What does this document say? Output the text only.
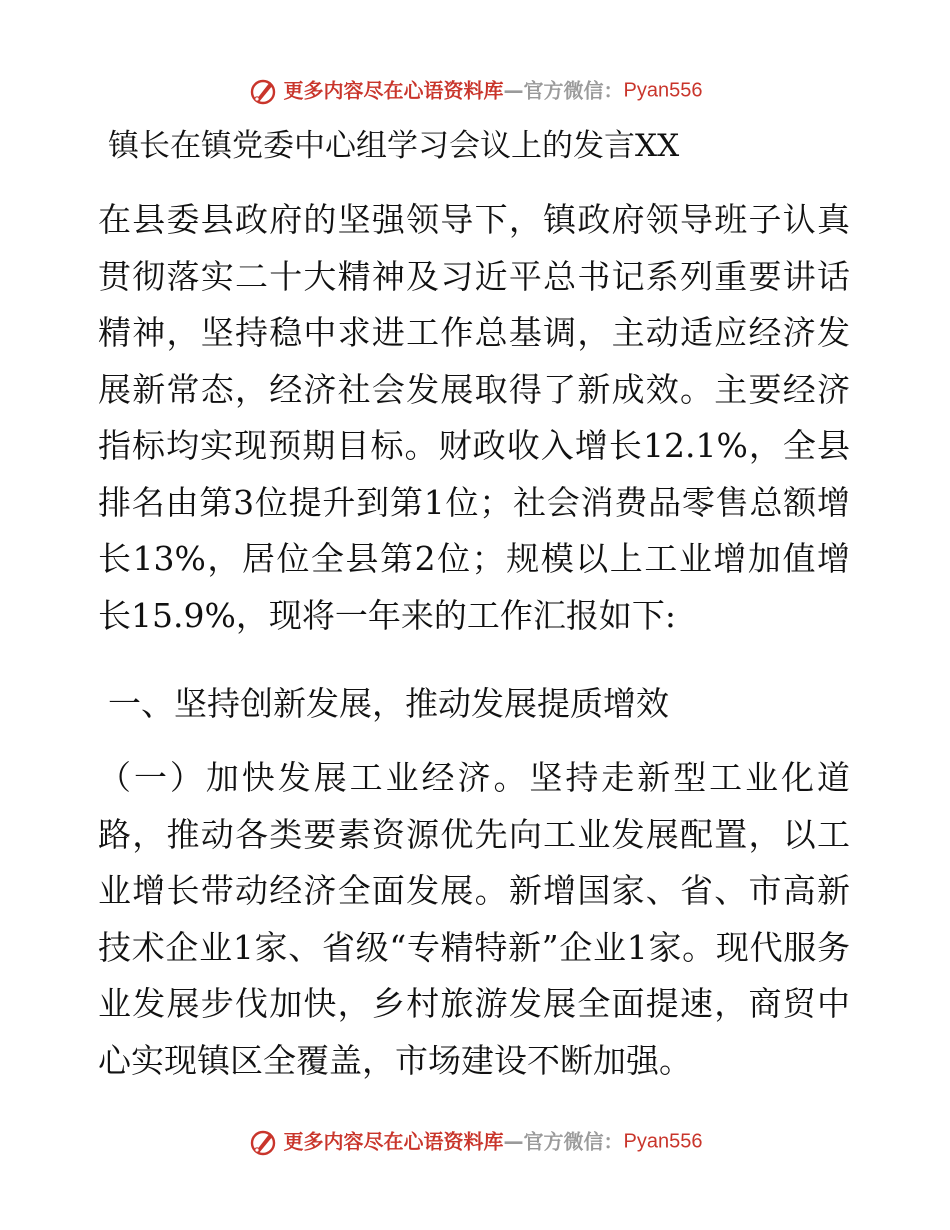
更多内容尽在心语资料库—官方微信：Pyan556
镇长在镇党委中心组学习会议上的发言XX

在县委县政府的坚强领导下，镇政府领导班子认真贯彻落实二十大精神及习近平总书记系列重要讲话精神，坚持稳中求进工作总基调，主动适应经济发展新常态，经济社会发展取得了新成效。主要经济指标均实现预期目标。财政收入增长12.1%，全县排名由第3位提升到第1位；社会消费品零售总额增长13%，居位全县第2位；规模以上工业增加值增长15.9%，现将一年来的工作汇报如下:

一、坚持创新发展，推动发展提质增效

（一）加快发展工业经济。坚持走新型工业化道路，推动各类要素资源优先向工业发展配置，以工业增长带动经济全面发展。新增国家、省、市高新技术企业1家、省级“专精特新”企业1家。现代服务业发展步伐加快，乡村旅游发展全面提速，商贸中心实现镇区全覆盖，市场建设不断加强。

更多内容尽在心语资料库—官方微信：Pyan556
